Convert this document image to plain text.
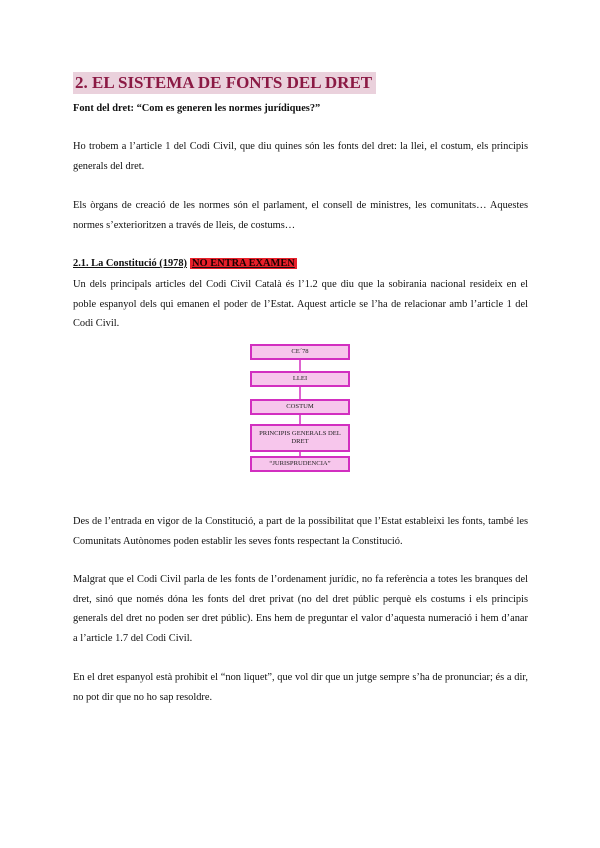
2. EL SISTEMA DE FONTS DEL DRET

Font del dret: “Com es generen les normes jurídiques?”

Ho trobem a l’article 1 del Codi Civil, que diu quines són les fonts del dret: la llei, el costum, els principis generals del dret.

Els òrgans de creació de les normes són el parlament, el consell de ministres, les comunitats… Aquestes normes s’exterioritzen a través de lleis, de costums…

2.1. La Constitució (1978) NO ENTRA EXAMEN

Un dels principals articles del Codi Civil Català és l’1.2 que diu que la sobirania nacional resideix en el poble espanyol dels qui emanen el poder de l’Estat. Aquest article se l’ha de relacionar amb l’article 1 del Codi Civil.

CE´78
LLEI
COSTUM
PRINCIPIS GENERALS DEL DRET
“JURISPRUDENCIA”

Des de l’entrada en vigor de la Constitució, a part de la possibilitat que l’Estat estableixi les fonts, també les Comunitats Autònomes poden establir les seves fonts respectant la Constitució.

Malgrat que el Codi Civil parla de les fonts de l’ordenament jurídic, no fa referència a totes les branques del dret, sinó que només dóna les fonts del dret privat (no del dret públic perquè els costums i els principis generals del dret no poden ser dret públic). Ens hem de preguntar el valor d’aquesta numeració i hem d’anar a l’article 1.7 del Codi Civil.

En el dret espanyol està prohibit el “non liquet”, que vol dir que un jutge sempre s’ha de pronunciar; és a dir, no pot dir que no ho sap resoldre.
